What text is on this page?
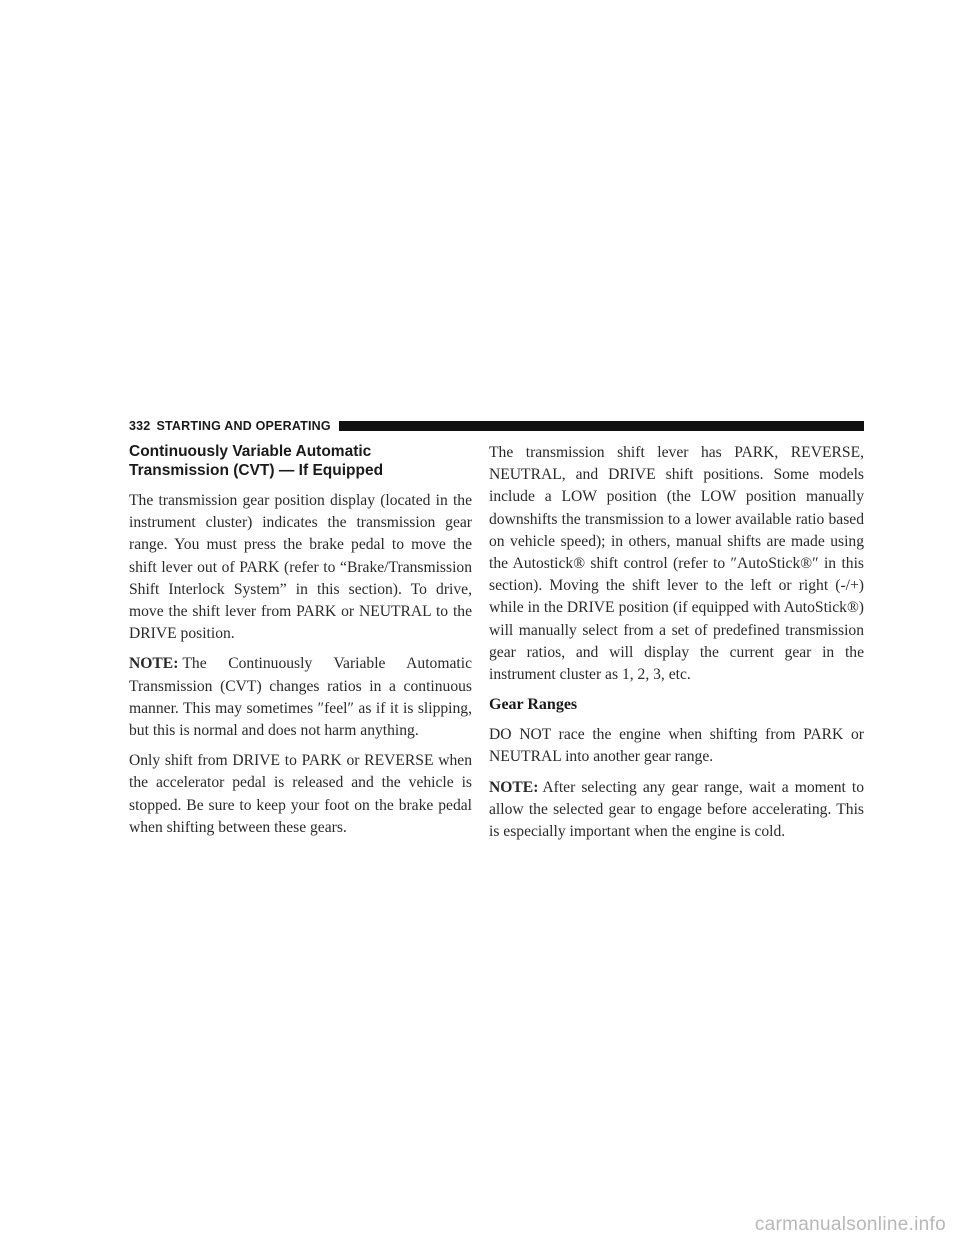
332 STARTING AND OPERATING
Continuously Variable Automatic Transmission (CVT) — If Equipped

The transmission gear position display (located in the instrument cluster) indicates the transmission gear range. You must press the brake pedal to move the shift lever out of PARK (refer to “Brake/Transmission Shift Interlock System” in this section). To drive, move the shift lever from PARK or NEUTRAL to the DRIVE position.

NOTE: The Continuously Variable Automatic Transmission (CVT) changes ratios in a continuous manner. This may sometimes ″feel″ as if it is slipping, but this is normal and does not harm anything.

Only shift from DRIVE to PARK or REVERSE when the accelerator pedal is released and the vehicle is stopped. Be sure to keep your foot on the brake pedal when shifting between these gears.

The transmission shift lever has PARK, REVERSE, NEUTRAL, and DRIVE shift positions. Some models include a LOW position (the LOW position manually downshifts the transmission to a lower available ratio based on vehicle speed); in others, manual shifts are made using the Autostick® shift control (refer to ″AutoStick®″ in this section). Moving the shift lever to the left or right (-/+) while in the DRIVE position (if equipped with AutoStick®) will manually select from a set of predefined transmission gear ratios, and will display the current gear in the instrument cluster as 1, 2, 3, etc.

Gear Ranges

DO NOT race the engine when shifting from PARK or NEUTRAL into another gear range.

NOTE: After selecting any gear range, wait a moment to allow the selected gear to engage before accelerating. This is especially important when the engine is cold.

carmanualsonline.info
